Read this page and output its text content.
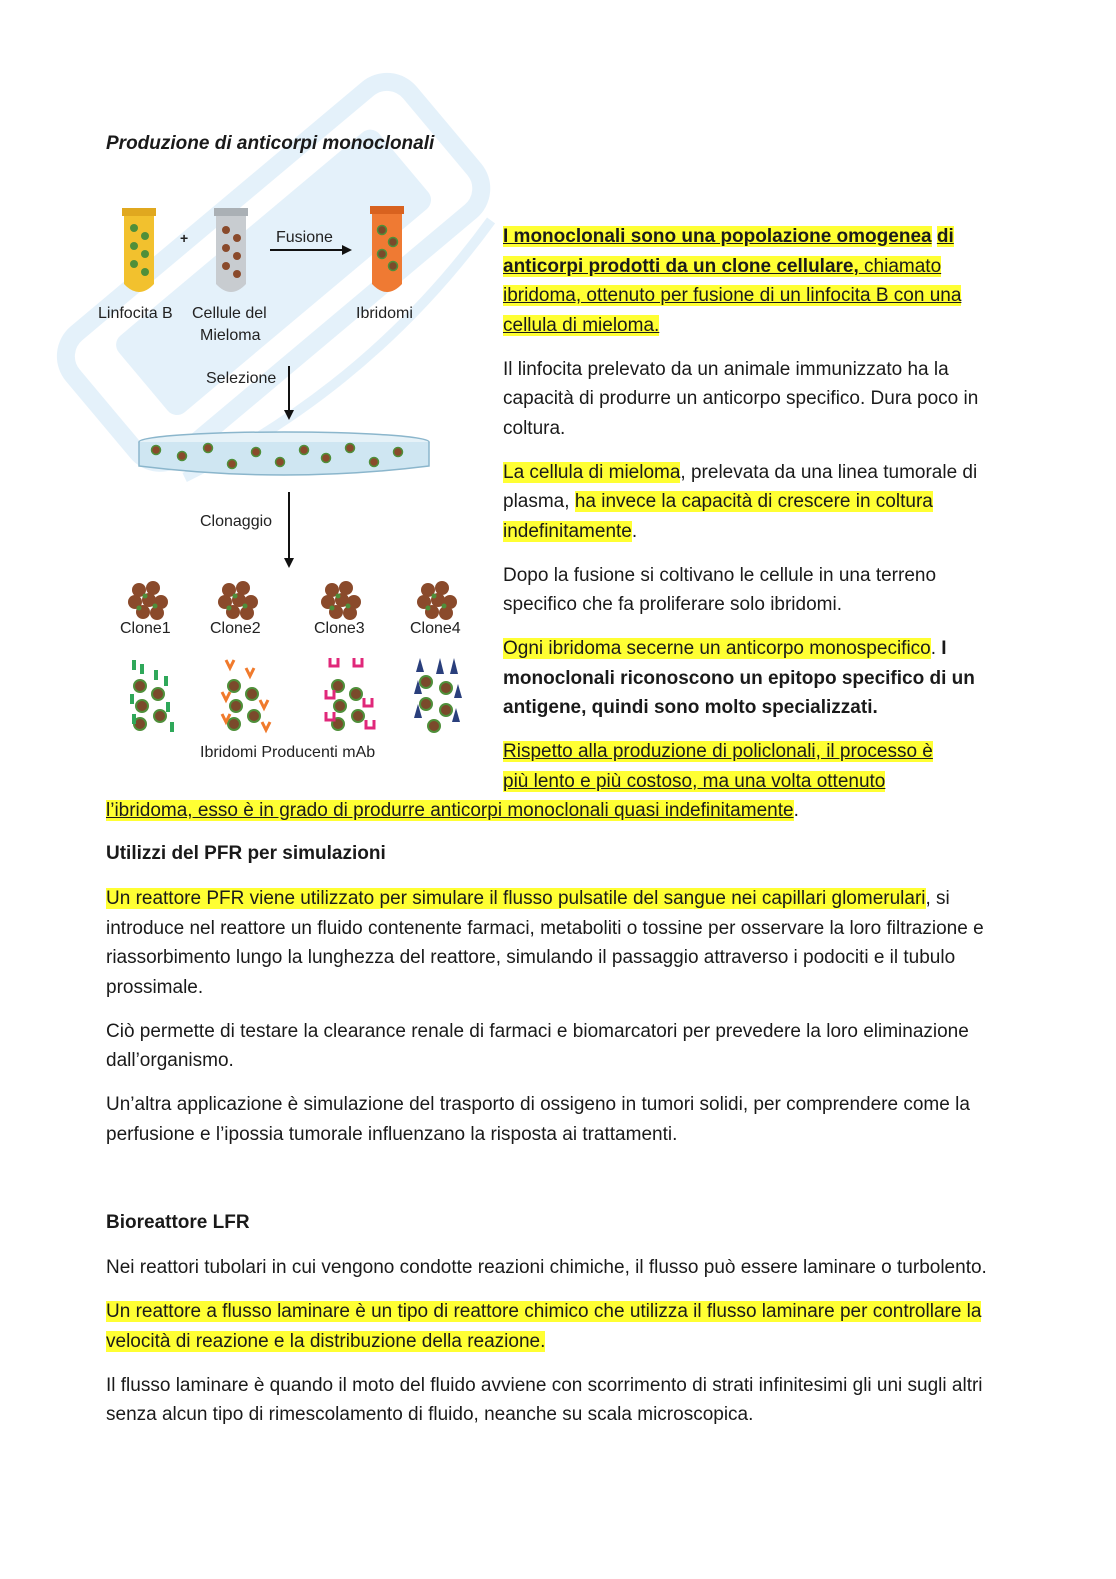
Produzione di anticorpi monoclonali

+	Fusione
Linfocita B Cellule del
Mieloma
Ibridomi
Selezione
Clonaggio
Clone1 Clone2	Clone3	Clone4
Ibridomi Producenti mAb

I monoclonali sono una popolazione omogenea di anticorpi prodotti da un clone cellulare, chiamato ibridoma, ottenuto per fusione di un linfocita B con una cellula di mieloma.

Il linfocita prelevato da un animale immunizzato ha la capacità di produrre un anticorpo specifico. Dura poco in coltura.

La cellula di mieloma, prelevata da una linea tumorale di plasma, ha invece la capacità di crescere in coltura indefinitamente.

Dopo la fusione si coltivano le cellule in una terreno specifico che fa proliferare solo ibridomi.

Ogni ibridoma secerne un anticorpo monospecifico. I monoclonali riconoscono un epitopo specifico di un antigene, quindi sono molto specializzati.

Rispetto alla produzione di policlonali, il processo è
più lento e più costoso, ma una volta ottenuto

l’ibridoma, esso è in grado di produrre anticorpi monoclonali quasi indefinitamente.

Utilizzi del PFR per simulazioni

Un reattore PFR viene utilizzato per simulare il flusso pulsatile del sangue nei capillari glomerulari, si introduce nel reattore un fluido contenente farmaci, metaboliti o tossine per osservare la loro filtrazione e riassorbimento lungo la lunghezza del reattore, simulando il passaggio attraverso i podociti e il tubulo prossimale.

Ciò permette di testare la clearance renale di farmaci e biomarcatori per prevedere la loro eliminazione dall’organismo.

Un’altra applicazione è simulazione del trasporto di ossigeno in tumori solidi, per comprendere come la perfusione e l’ipossia tumorale influenzano la risposta ai trattamenti.

Bioreattore LFR

Nei reattori tubolari in cui vengono condotte reazioni chimiche, il flusso può essere laminare o turbolento.

Un reattore a flusso laminare è un tipo di reattore chimico che utilizza il flusso laminare per controllare la velocità di reazione e la distribuzione della reazione.

Il flusso laminare è quando il moto del fluido avviene con scorrimento di strati infinitesimi gli uni sugli altri senza alcun tipo di rimescolamento di fluido, neanche su scala microscopica.
